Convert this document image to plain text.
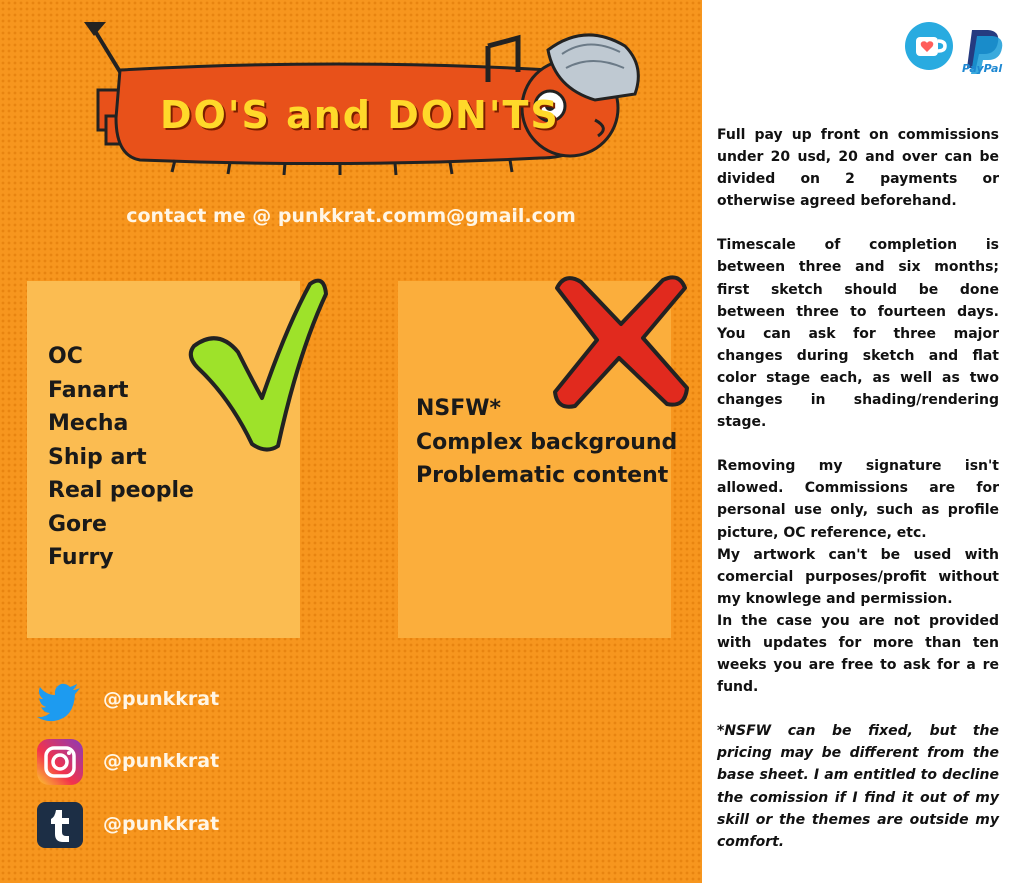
DO'S and DON'TS
contact me @ punkkrat.comm@gmail.com
OC
Fanart
Mecha
Ship art
Real people
Gore
Furry
NSFW*
Complex background
Problematic content
@punkkrat
@punkkrat
@punkkrat
PayPal

Full pay up front on commissions under 20 usd, 20 and over can be divided on 2 payments or otherwise agreed beforehand.

Timescale of completion is between three and six months; first sketch should be done between three to fourteen days. You can ask for three major changes during sketch and flat color stage each, as well as two changes in shading/rendering stage.

Removing my signature isn't allowed. Commissions are for personal use only, such as profile picture, OC reference, etc.

My artwork can't be used with comercial purposes/profit without my knowlege and permission.

In the case you are not provided with updates for more than ten weeks you are free to ask for a re fund.

*NSFW can be fixed, but the pricing may be different from the base sheet. I am entitled to decline the comission if I find it out of my skill or the themes are outside my comfort.
